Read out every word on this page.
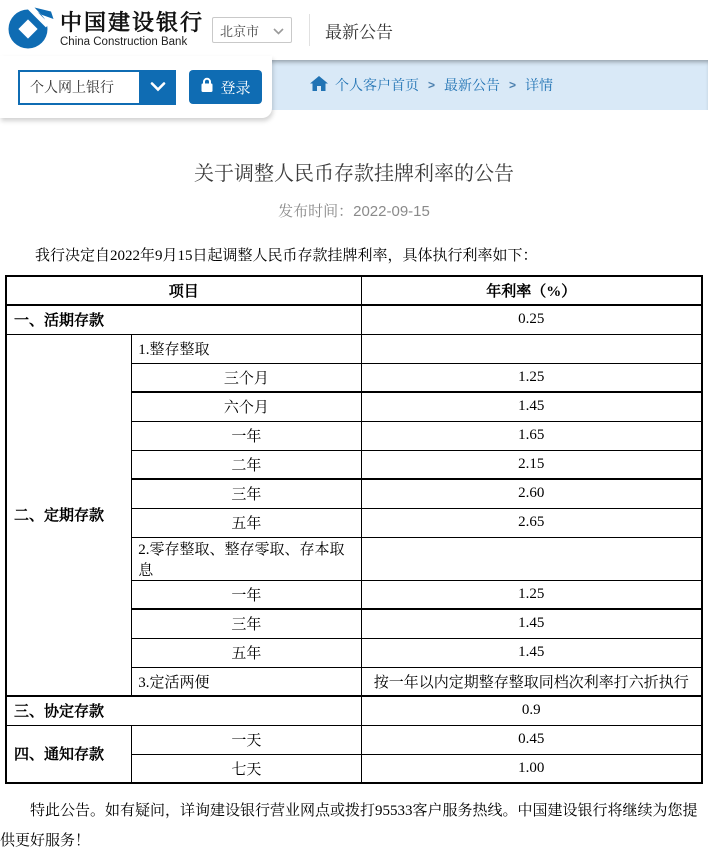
中国建设银行
China Construction Bank
北京市	最新公告
个人网上银行	登录	个人客户首页 > 最新公告 > 详情
关于调整人民币存款挂牌利率的公告
发布时间：2022-09-15
我行决定自2022年9月15日起调整人民币存款挂牌利率，具体执行利率如下：
项目		年利率（%）
一、活期存款		0.25
二、定期存款	1.整存整取	
	三个月	1.25
	六个月	1.45
	一年	1.65
	二年	2.15
	三年	2.60
	五年	2.65
	2.零存整取、整存零取、存本取息	
	一年	1.25
	三年	1.45
	五年	1.45
	3.定活两便	按一年以内定期整存整取同档次利率打六折执行
三、协定存款		0.9
四、通知存款	一天	0.45
	七天	1.00
特此公告。如有疑问，详询建设银行营业网点或拨打95533客户服务热线。中国建设银行将继续为您提供更好服务！
